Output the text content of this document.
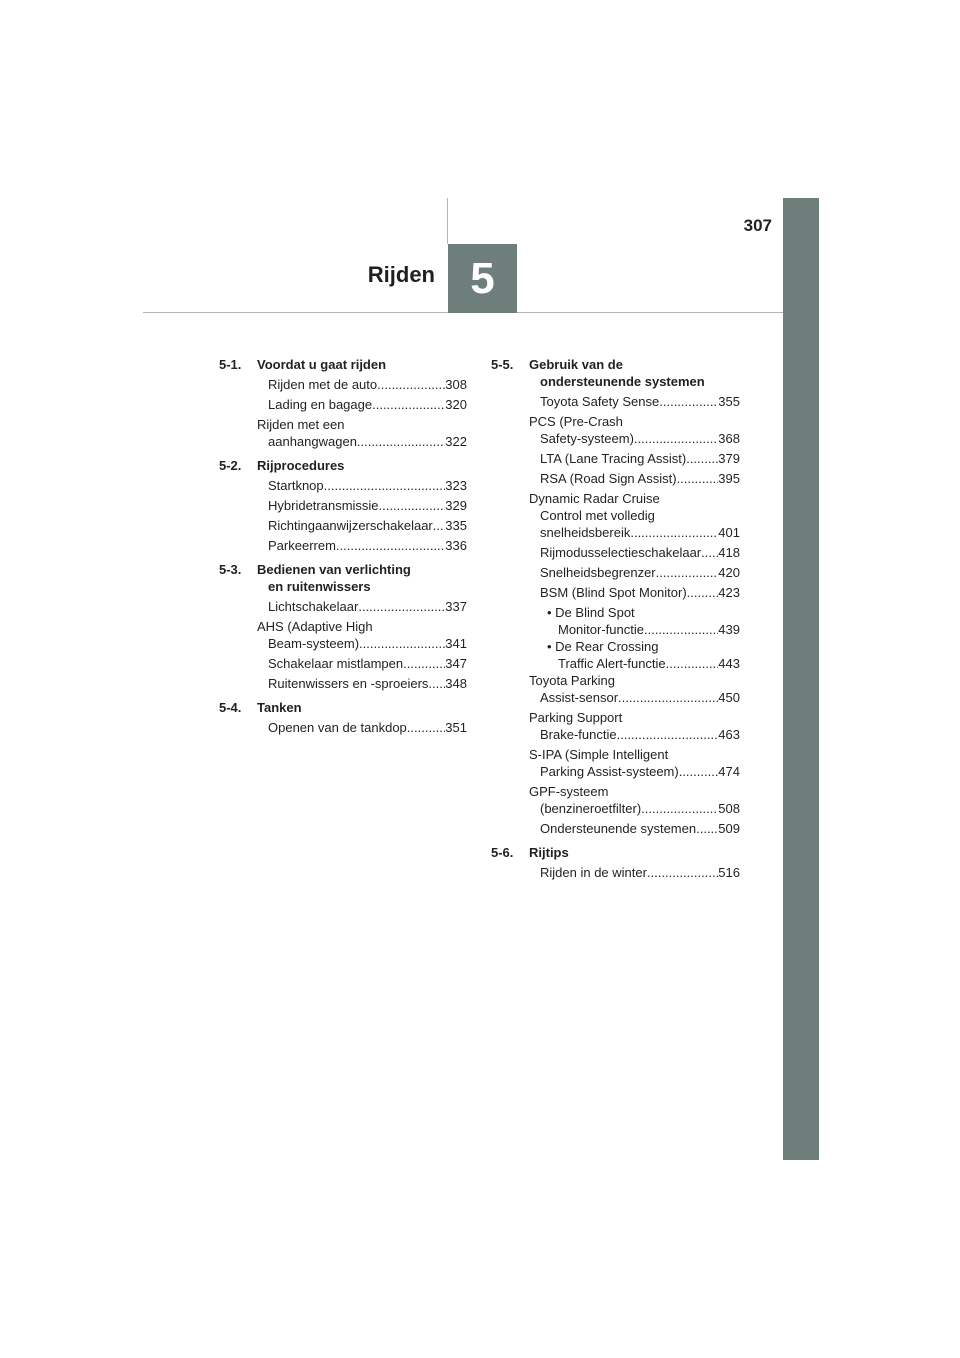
5
Rijden
307
5-1.	Voordat u gaat rijden
Rijden met de auto .....	308
Lading en bagage .....	320
Rijden met een
aanhangwagen .....	322
5-2.	Rijprocedures
Startknop .....	323
Hybridetransmissie .....	329
Richtingaanwijzerschakelaar ..... 335
Parkeerrem .....	336
5-3.	Bedienen van verlichting
en ruitenwissers
Lichtschakelaar .....	337
AHS (Adaptive High
Beam-systeem) .....	341
Schakelaar mistlampen .....	347
Ruitenwissers en -sproeiers ..... 348
5-4.	Tanken
Openen van de tankdop .....	351
5-5.	Gebruik van de
ondersteunende systemen
Toyota Safety Sense .....	355
PCS (Pre-Crash
Safety-systeem) .....	368
LTA (Lane Tracing Assist) ..... 379
RSA (Road Sign Assist) .....	395
Dynamic Radar Cruise
Control met volledig
snelheidsbereik .....	401
Rijmodusselectieschakelaar ..... 418
Snelheidsbegrenzer .....	420
BSM (Blind Spot Monitor) ..... 423
• De Blind Spot
Monitor-functie .....	439
• De Rear Crossing
Traffic Alert-functie .....	443
Toyota Parking
Assist-sensor .....	450
Parking Support
Brake-functie .....	463
S-IPA (Simple Intelligent
Parking Assist-systeem) .....	474
GPF-systeem
(benzineroetfilter) .....	508
Ondersteunende systemen ..... 509
5-6.	Rijtips
Rijden in de winter .....	516
